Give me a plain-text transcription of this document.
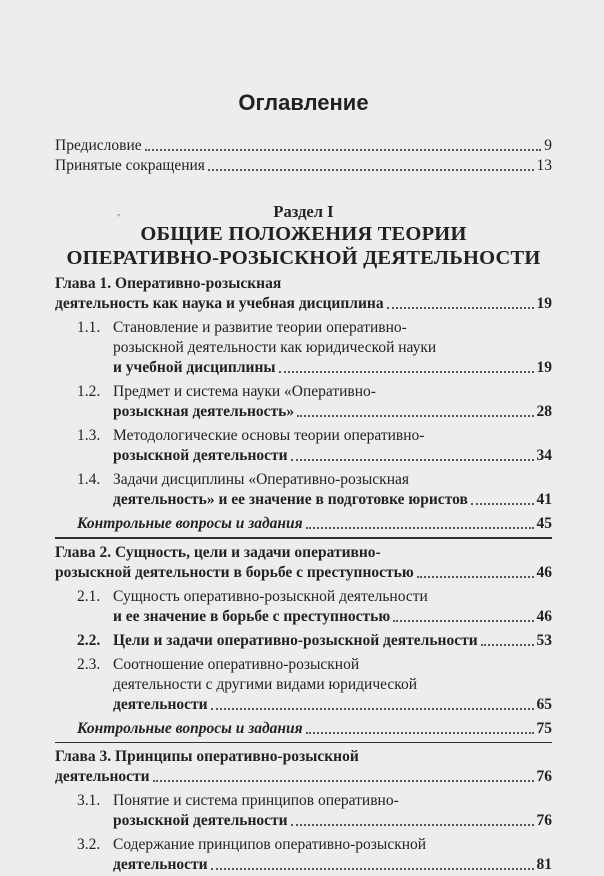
Оглавление
Предисловие	9
Принятые сокращения	13
Раздел I
ОБЩИЕ ПОЛОЖЕНИЯ ТЕОРИИ
ОПЕРАТИВНО-РОЗЫСКНОЙ ДЕЯТЕЛЬНОСТИ
'
Глава 1. Оперативно-розыскная
деятельность как наука и учебная дисциплина	19
1.1. Становление и развитие теории оперативно-
розыскной деятельности как юридической науки
и учебной дисциплины	19
1.2. Предмет и система науки «Оперативно-
розыскная деятельность»	28
1.3. Методологические основы теории оперативно-
розыскной деятельности	34
1.4. Задачи дисциплины «Оперативно-розыскная
деятельность» и ее значение в подготовке юристов	41
Контрольные вопросы и задания	45
Глава 2. Сущность, цели и задачи оперативно-
розыскной деятельности в борьбе с преступностью	46
2.1. Сущность оперативно-розыскной деятельности
и ее значение в борьбе с преступностью	46
2.2. Цели и задачи оперативно-розыскной деятельности	53
2.3. Соотношение оперативно-розыскной
деятельности с другими видами юридической
деятельности	65
Контрольные вопросы и задания	75
Глава 3. Принципы оперативно-розыскной
деятельности	76
3.1. Понятие и система принципов оперативно-
розыскной деятельности	76
3.2. Содержание принципов оперативно-розыскной
деятельности	81
